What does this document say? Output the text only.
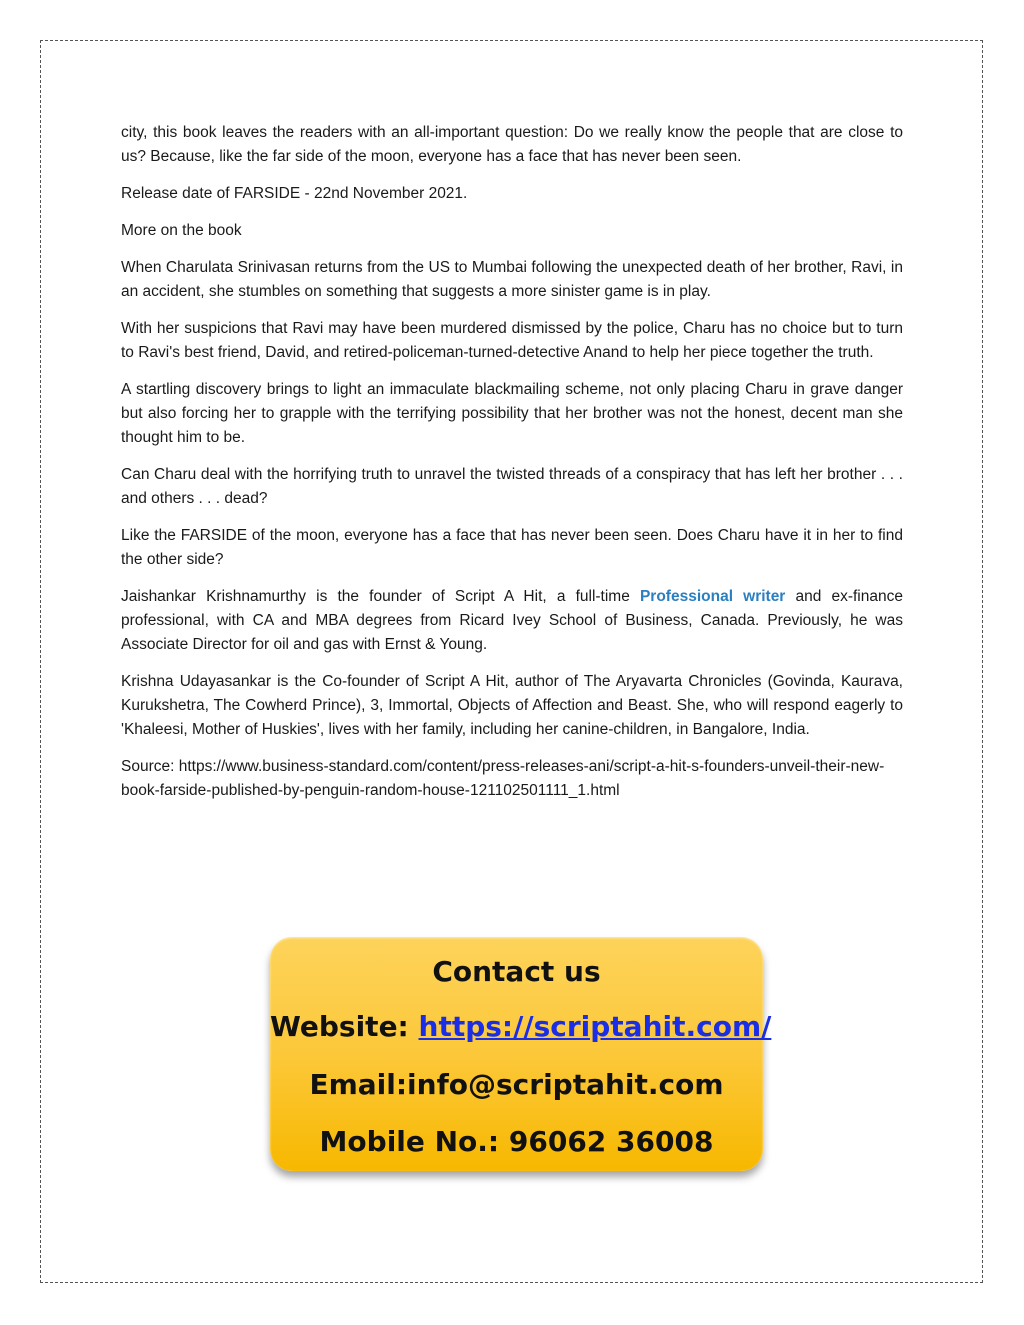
city, this book leaves the readers with an all-important question: Do we really know the people that are close to us? Because, like the far side of the moon, everyone has a face that has never been seen.

Release date of FARSIDE - 22nd November 2021.

More on the book

When Charulata Srinivasan returns from the US to Mumbai following the unexpected death of her brother, Ravi, in an accident, she stumbles on something that suggests a more sinister game is in play.

With her suspicions that Ravi may have been murdered dismissed by the police, Charu has no choice but to turn to Ravi's best friend, David, and retired-policeman-turned-detective Anand to help her piece together the truth.

A startling discovery brings to light an immaculate blackmailing scheme, not only placing Charu in grave danger but also forcing her to grapple with the terrifying possibility that her brother was not the honest, decent man she thought him to be.

Can Charu deal with the horrifying truth to unravel the twisted threads of a conspiracy that has left her brother . . . and others . . . dead?

Like the FARSIDE of the moon, everyone has a face that has never been seen. Does Charu have it in her to find the other side?

Jaishankar Krishnamurthy is the founder of Script A Hit, a full-time Professional writer and ex-finance professional, with CA and MBA degrees from Ricard Ivey School of Business, Canada. Previously, he was Associate Director for oil and gas with Ernst & Young.

Krishna Udayasankar is the Co-founder of Script A Hit, author of The Aryavarta Chronicles (Govinda, Kaurava, Kurukshetra, The Cowherd Prince), 3, Immortal, Objects of Affection and Beast. She, who will respond eagerly to 'Khaleesi, Mother of Huskies', lives with her family, including her canine-children, in Bangalore, India.

Source: https://www.business-standard.com/content/press-releases-ani/script-a-hit-s-founders-unveil-their-new-book-farside-published-by-penguin-random-house-121102501111_1.html

Contact us
Website: https://scriptahit.com/
Email:info@scriptahit.com
Mobile No.: 96062 36008
